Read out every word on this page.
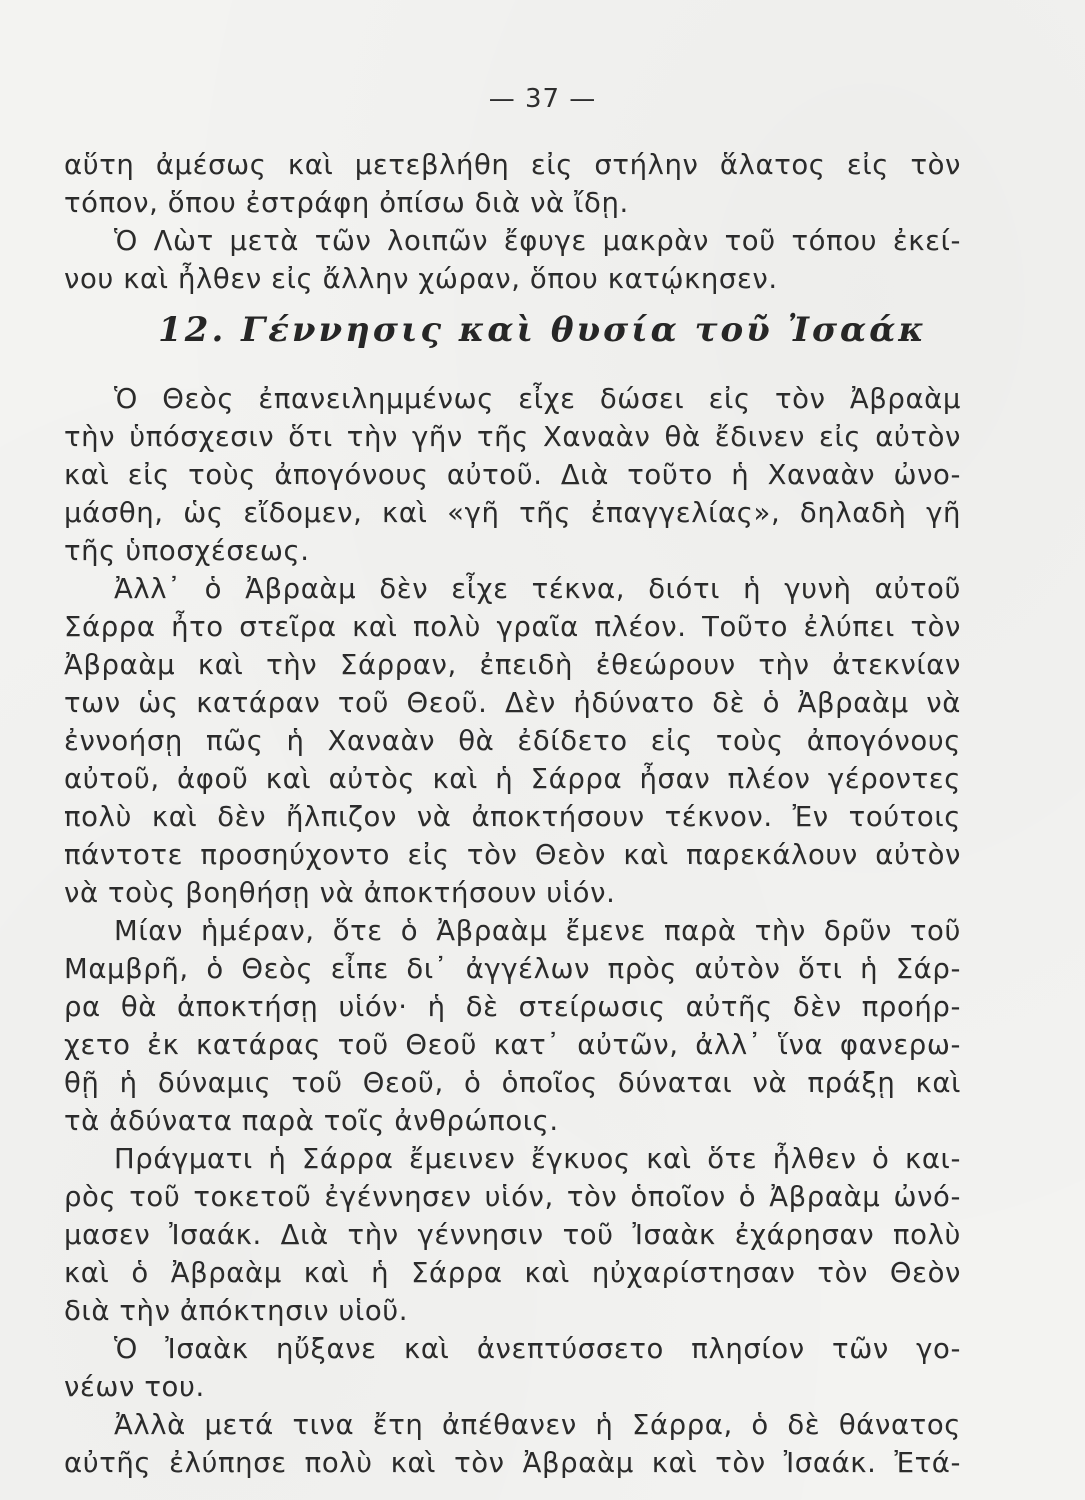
— 37 —
αὕτη ἀμέσως καὶ μετεβλήθη εἰς στήλην ἅλατος εἰς τὸν
τόπον, ὅπου ἐστράφη ὀπίσω διὰ νὰ ἴδῃ.
Ὁ Λὼτ μετὰ τῶν λοιπῶν ἔφυγε μακρὰν τοῦ τόπου ἐκεί-
νου καὶ ἦλθεν εἰς ἄλλην χώραν, ὅπου κατῴκησεν.
12. Γέννησις καὶ θυσία τοῦ Ἰσαάκ
Ὁ Θεὸς ἐπανειλημμένως εἶχε δώσει εἰς τὸν Ἀβραὰμ
τὴν ὑπόσχεσιν ὅτι τὴν γῆν τῆς Χαναὰν θὰ ἔδινεν εἰς αὐτὸν
καὶ εἰς τοὺς ἀπογόνους αὐτοῦ. Διὰ τοῦτο ἡ Χαναὰν ὠνο-
μάσθη, ὡς εἴδομεν, καὶ «γῆ τῆς ἐπαγγελίας», δηλαδὴ γῆ
τῆς ὑποσχέσεως.
Ἀλλ᾿ ὁ Ἀβραὰμ δὲν εἶχε τέκνα, διότι ἡ γυνὴ αὐτοῦ
Σάρρα ἦτο στεῖρα καὶ πολὺ γραῖα πλέον. Τοῦτο ἐλύπει τὸν
Ἀβραὰμ καὶ τὴν Σάρραν, ἐπειδὴ ἐθεώρουν τὴν ἀτεκνίαν
των ὡς κατάραν τοῦ Θεοῦ. Δὲν ἠδύνατο δὲ ὁ Ἀβραὰμ νὰ
ἐννοήσῃ πῶς ἡ Χαναὰν θὰ ἐδίδετο εἰς τοὺς ἀπογόνους
αὐτοῦ, ἀφοῦ καὶ αὐτὸς καὶ ἡ Σάρρα ἦσαν πλέον γέροντες
πολὺ καὶ δὲν ἤλπιζον νὰ ἀποκτήσουν τέκνον. Ἐν τούτοις
πάντοτε προσηύχοντο εἰς τὸν Θεὸν καὶ παρεκάλουν αὐτὸν
νὰ τοὺς βοηθήσῃ νὰ ἀποκτήσουν υἱόν.
Μίαν ἡμέραν, ὅτε ὁ Ἀβραὰμ ἔμενε παρὰ τὴν δρῦν τοῦ
Μαμβρῆ, ὁ Θεὸς εἶπε δι᾿ ἀγγέλων πρὸς αὐτὸν ὅτι ἡ Σάρ-
ρα θὰ ἀποκτήσῃ υἱόν· ἡ δὲ στείρωσις αὐτῆς δὲν προήρ-
χετο ἐκ κατάρας τοῦ Θεοῦ κατ᾿ αὐτῶν, ἀλλ᾿ ἵνα φανερω-
θῇ ἡ δύναμις τοῦ Θεοῦ, ὁ ὁποῖος δύναται νὰ πράξῃ καὶ
τὰ ἀδύνατα παρὰ τοῖς ἀνθρώποις.
Πράγματι ἡ Σάρρα ἔμεινεν ἔγκυος καὶ ὅτε ἦλθεν ὁ και-
ρὸς τοῦ τοκετοῦ ἐγέννησεν υἱόν, τὸν ὁποῖον ὁ Ἀβραὰμ ὠνό-
μασεν Ἰσαάκ. Διὰ τὴν γέννησιν τοῦ Ἰσαὰκ ἐχάρησαν πολὺ
καὶ ὁ Ἀβραὰμ καὶ ἡ Σάρρα καὶ ηὐχαρίστησαν τὸν Θεὸν
διὰ τὴν ἀπόκτησιν υἱοῦ.
Ὁ Ἰσαὰκ ηὔξανε καὶ ἀνεπτύσσετο πλησίον τῶν γο-
νέων του.
Ἀλλὰ μετά τινα ἔτη ἀπέθανεν ἡ Σάρρα, ὁ δὲ θάνατος
αὐτῆς ἐλύπησε πολὺ καὶ τὸν Ἀβραὰμ καὶ τὸν Ἰσαάκ. Ἐτά-
